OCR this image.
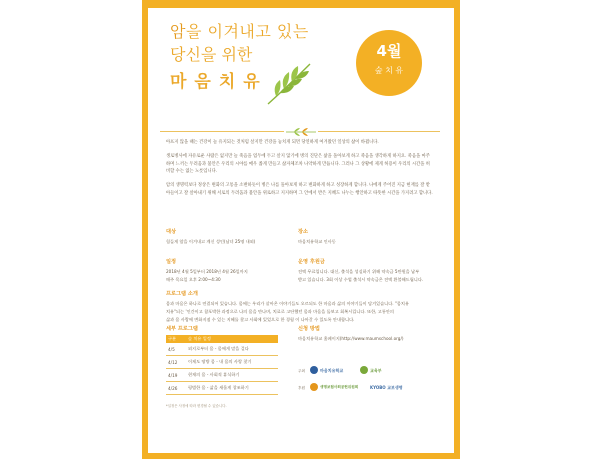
암을 이겨내고 있는
당신을 위한
마음치유
4월
숲 치 유

아프지 않을 때는 건강이 늘 유지되는 것처럼 살지만 건강을 놓치게 되면 당연하게 여겨왔던 일상의 삶이 바뀝니다.

생로병사에 자유로운 사람은 없지만 늘 죽음을 염두에 두고 살지 않기에 병의 진단은 삶을 돌아보게 하고 죽음을 생각하게 하지요. 죽음을 마주하며 느끼는 두려움과 불안은 우리의 시야를 매우 좁게 만들고 삶자체조차 나약하게 만듭니다. 그러나 그 상황에 제게 허용이 우리의 시간을 허비할 수는 없는 노릇입니다.

암의 생명력보다 정상은 변화의 고통을 소변하듯이 병은 나를 돌아보게 하고 변화하게 하고 성장하게 합니다. 나에게 주어진 지금 현재를 잘 받아들이고 잘 살아내기 위해 서로의 두려움과 불안을 위로하고 지지하며 그 안에서 반은 지혜도 나누는 행안하고 따뜻한 시간을 가지려고 합니다.

대상
힘들게 암을 이겨내고 계신 성인(남녀 25명 내외)
장소
마음치유학교 인사동
일정
2018년 4월 5일부터 2018년 4월 26일까지
매주 목요일 오후 2:00~4:30
운영 후원금
전액 무료입니다. 대신, 출석을 성실하기 위해 약속금 5만원을 납부
받고 있습니다. 3회 이상 수업 출석시 약속금은 전액 환불해드립니다.
프로그램 소개
몸과 마음은 하나로 연결되어 있습니다. 몸에는 우리가 살아온 이야기들도 오르되도 한 마음과 삶의 이야기들이 담겨있습니다. "몸치유
치유"되는 '인간이고 참포박한 과정으로 나의 몸을 만나며, 치료로 고단했던 몸과 마음을 돌보고 회복시킵니다. 또한, 고통안의
삶과 몸 사람에 변화지점 수 있는 지혜를 찾고 사회에 있었으로 한 경험 이 나아갈 수 있도록 안내합니다.
세부 프로그램
구분	숲 치유 일정
4/5	외지로부터 몸 - 몸에게 말을 걸다
4/12	이제도 땅방 몸 - 내 몸의 사랑 찾기
4/19	현재의 몸 - 사회적 휴식하기
4/26	평범한 몸 - 삶을 새롭게 창조하기
*일정은 사정에 따라 변경될 수 있습니다.
신청 방법
마음치유학교 홈페이지(http://www.maumschool.org/)
주최	마음치유학교	교육부
후원	생명보험사회공헌위원회	KYOBO 교보생명
